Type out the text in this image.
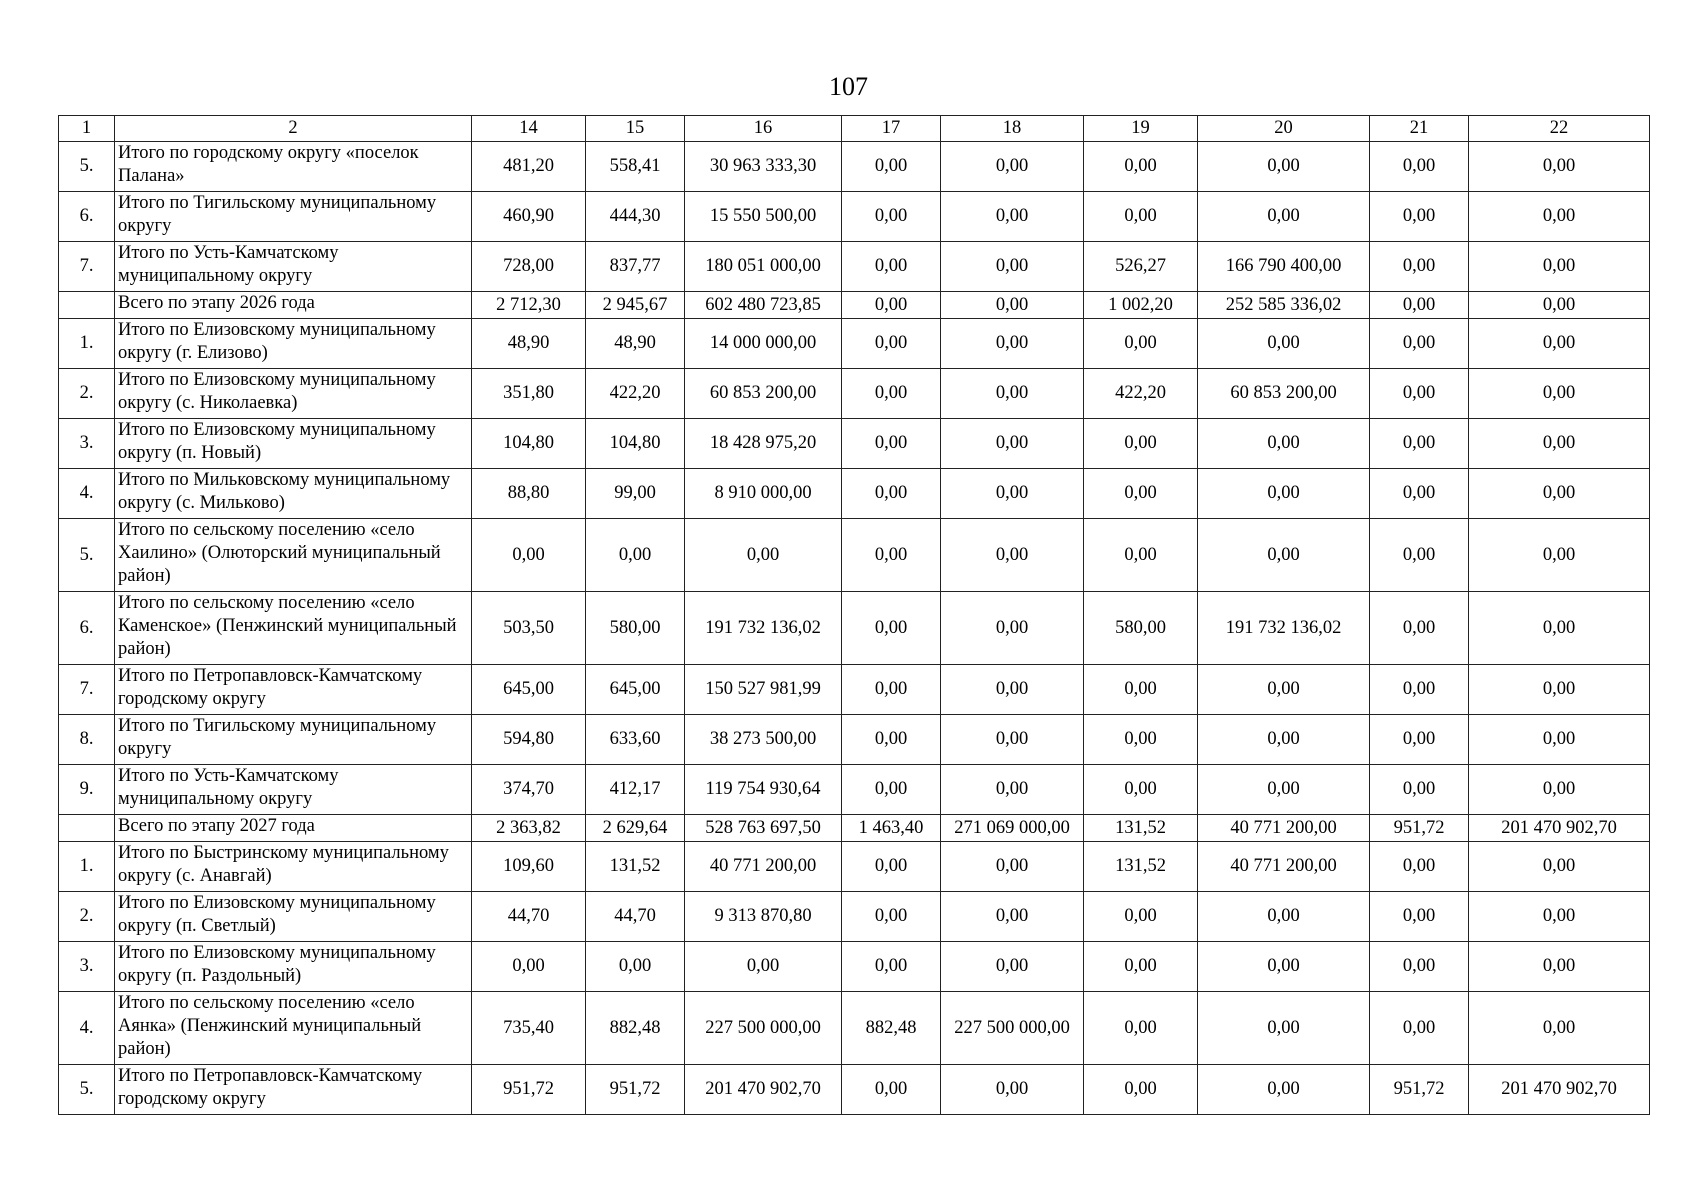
107
1	2	14	15	16	17	18	19	20	21	22
5.	Итого по городскому округу «поселок Палана»	481,20	558,41	30 963 333,30	0,00	0,00	0,00	0,00	0,00	0,00
6.	Итого по Тигильскому муниципальному округу	460,90	444,30	15 550 500,00	0,00	0,00	0,00	0,00	0,00	0,00
7.	Итого по Усть-Камчатскому муниципальному округу	728,00	837,77	180 051 000,00	0,00	0,00	526,27	166 790 400,00	0,00	0,00
	Всего по этапу 2026 года	2 712,30	2 945,67	602 480 723,85	0,00	0,00	1 002,20	252 585 336,02	0,00	0,00
1.	Итого по Елизовскому муниципальному округу (г. Елизово)	48,90	48,90	14 000 000,00	0,00	0,00	0,00	0,00	0,00	0,00
2.	Итого по Елизовскому муниципальному округу (с. Николаевка)	351,80	422,20	60 853 200,00	0,00	0,00	422,20	60 853 200,00	0,00	0,00
3.	Итого по Елизовскому муниципальному округу (п. Новый)	104,80	104,80	18 428 975,20	0,00	0,00	0,00	0,00	0,00	0,00
4.	Итого по Мильковскому муниципальному округу (с. Мильково)	88,80	99,00	8 910 000,00	0,00	0,00	0,00	0,00	0,00	0,00
5.	Итого по сельскому поселению «село Хаилино» (Олюторский муниципальный район)	0,00	0,00	0,00	0,00	0,00	0,00	0,00	0,00	0,00
6.	Итого по сельскому поселению «село Каменское» (Пенжинский муниципальный район)	503,50	580,00	191 732 136,02	0,00	0,00	580,00	191 732 136,02	0,00	0,00
7.	Итого по Петропавловск-Камчатскому городскому округу	645,00	645,00	150 527 981,99	0,00	0,00	0,00	0,00	0,00	0,00
8.	Итого по Тигильскому муниципальному округу	594,80	633,60	38 273 500,00	0,00	0,00	0,00	0,00	0,00	0,00
9.	Итого по Усть-Камчатскому муниципальному округу	374,70	412,17	119 754 930,64	0,00	0,00	0,00	0,00	0,00	0,00
	Всего по этапу 2027 года	2 363,82	2 629,64	528 763 697,50	1 463,40	271 069 000,00	131,52	40 771 200,00	951,72	201 470 902,70
1.	Итого по Быстринскому муниципальному округу (с. Анавгай)	109,60	131,52	40 771 200,00	0,00	0,00	131,52	40 771 200,00	0,00	0,00
2.	Итого по Елизовскому муниципальному округу (п. Светлый)	44,70	44,70	9 313 870,80	0,00	0,00	0,00	0,00	0,00	0,00
3.	Итого по Елизовскому муниципальному округу (п. Раздольный)	0,00	0,00	0,00	0,00	0,00	0,00	0,00	0,00	0,00
4.	Итого по сельскому поселению «село Аянка» (Пенжинский муниципальный район)	735,40	882,48	227 500 000,00	882,48	227 500 000,00	0,00	0,00	0,00	0,00
5.	Итого по Петропавловск-Камчатскому городскому округу	951,72	951,72	201 470 902,70	0,00	0,00	0,00	0,00	951,72	201 470 902,70
